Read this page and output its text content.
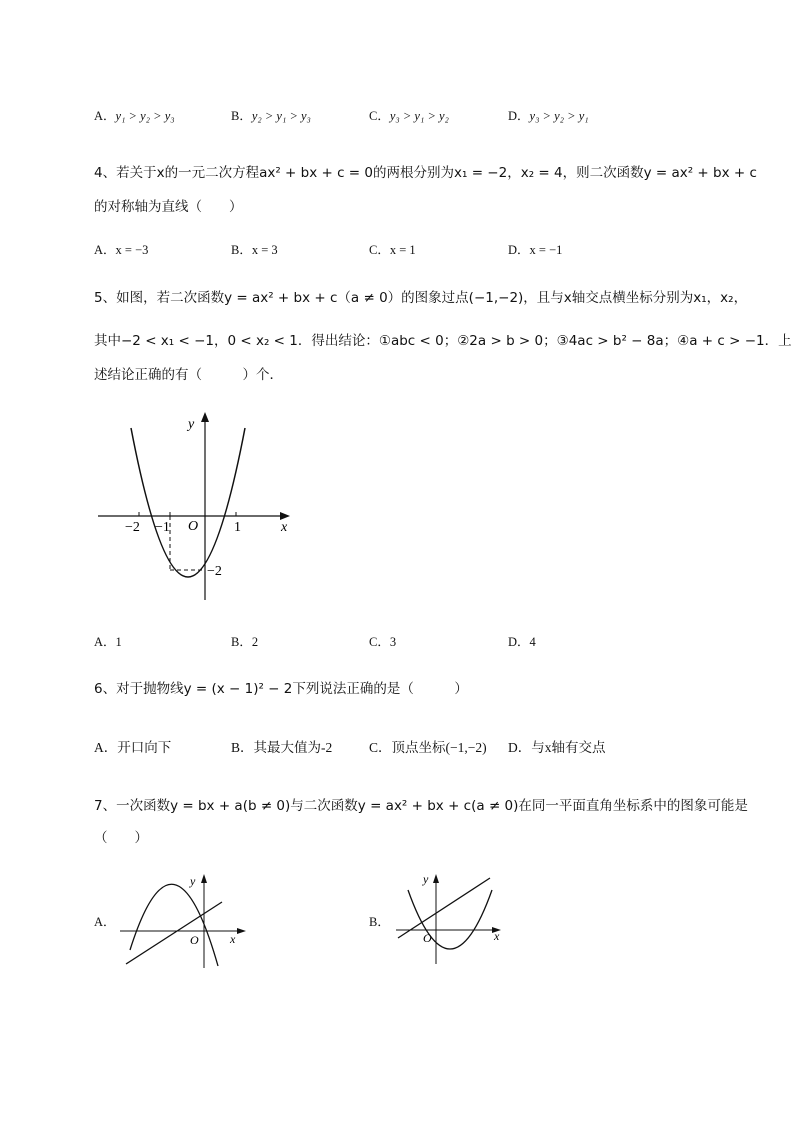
A．y₁ > y₂ > y₃	B．y₂ > y₁ > y₃	C．y₃ > y₁ > y₂	D．y₃ > y₂ > y₁
4、若关于x的一元二次方程ax² + bx + c = 0的两根分别为x₁ = −2，x₂ = 4，则二次函数y = ax² + bx + c
的对称轴为直线（　　）
A．x = −3	B．x = 3	C．x = 1	D．x = −1
5、如图，若二次函数y = ax² + bx + c（a ≠ 0）的图象过点(−1,−2)，且与x轴交点横坐标分别为x₁，x₂，
其中−2 < x₁ < −1，0 < x₂ < 1．得出结论：①abc < 0；②2a > b > 0；③4ac > b² − 8a；④a + c > −1．上
述结论正确的有（　　　）个．
y
x
O
−2 −1	1
−2
A．1	B．2	C．3	D．4
6、对于抛物线y = (x − 1)² − 2下列说法正确的是（　　　）
A．开口向下	B．其最大值为-2	C．顶点坐标(−1,−2) D．与x轴有交点
7、一次函数y = bx + a(b ≠ 0)与二次函数y = ax² + bx + c(a ≠ 0)在同一平面直角坐标系中的图象可能是
（　　）
A．
y
x
O
B．
y
x
O
